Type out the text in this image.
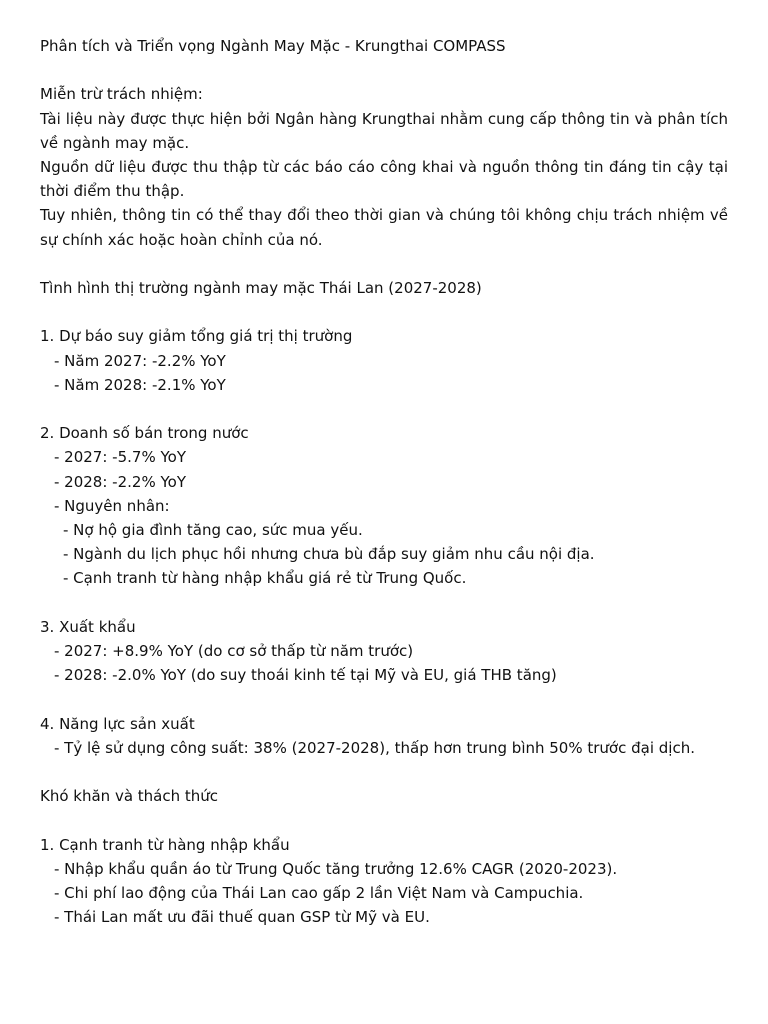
Phân tích và Triển vọng Ngành May Mặc - Krungthai COMPASS
Miễn trừ trách nhiệm:
Tài liệu này được thực hiện bởi Ngân hàng Krungthai nhằm cung cấp thông tin và phân tích về ngành may mặc.
Nguồn dữ liệu được thu thập từ các báo cáo công khai và nguồn thông tin đáng tin cậy tại thời điểm thu thập.
Tuy nhiên, thông tin có thể thay đổi theo thời gian và chúng tôi không chịu trách nhiệm về sự chính xác hoặc hoàn chỉnh của nó.
Tình hình thị trường ngành may mặc Thái Lan (2027-2028)
1. Dự báo suy giảm tổng giá trị thị trường
- Năm 2027: -2.2% YoY
- Năm 2028: -2.1% YoY
2. Doanh số bán trong nước
- 2027: -5.7% YoY
- 2028: -2.2% YoY
- Nguyên nhân:
- Nợ hộ gia đình tăng cao, sức mua yếu.
- Ngành du lịch phục hồi nhưng chưa bù đắp suy giảm nhu cầu nội địa.
- Cạnh tranh từ hàng nhập khẩu giá rẻ từ Trung Quốc.
3. Xuất khẩu
- 2027: +8.9% YoY (do cơ sở thấp từ năm trước)
- 2028: -2.0% YoY (do suy thoái kinh tế tại Mỹ và EU, giá THB tăng)
4. Năng lực sản xuất
- Tỷ lệ sử dụng công suất: 38% (2027-2028), thấp hơn trung bình 50% trước đại dịch.
Khó khăn và thách thức
1. Cạnh tranh từ hàng nhập khẩu
- Nhập khẩu quần áo từ Trung Quốc tăng trưởng 12.6% CAGR (2020-2023).
- Chi phí lao động của Thái Lan cao gấp 2 lần Việt Nam và Campuchia.
- Thái Lan mất ưu đãi thuế quan GSP từ Mỹ và EU.
